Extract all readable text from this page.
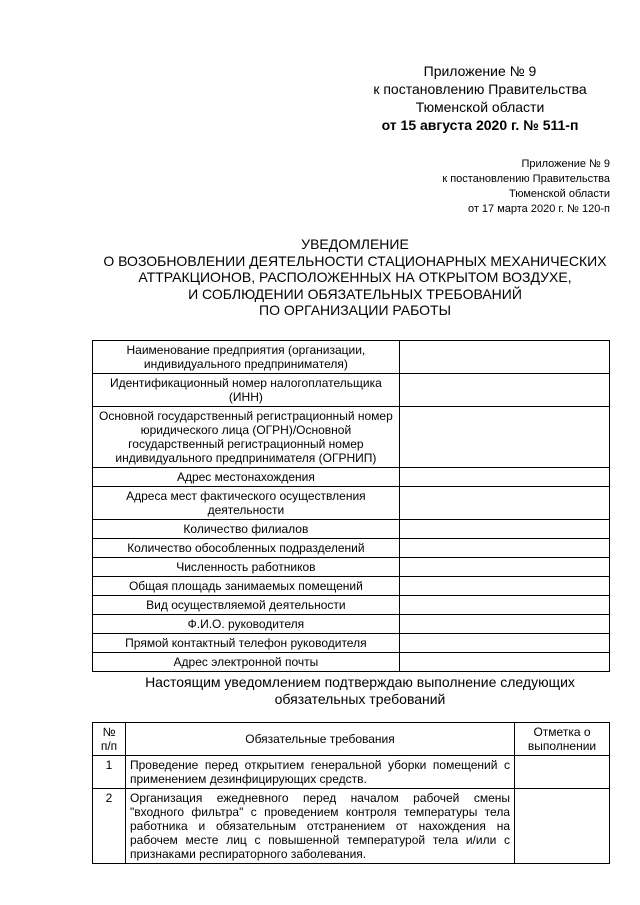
Приложение № 9
к постановлению Правительства
Тюменской области
от 15 августа 2020 г. № 511-п
Приложение № 9
к постановлению Правительства
Тюменской области
от 17 марта 2020 г. № 120-п
УВЕДОМЛЕНИЕ
О ВОЗОБНОВЛЕНИИ ДЕЯТЕЛЬНОСТИ СТАЦИОНАРНЫХ МЕХАНИЧЕСКИХ
АТТРАКЦИОНОВ, РАСПОЛОЖЕННЫХ НА ОТКРЫТОМ ВОЗДУХЕ,
И СОБЛЮДЕНИИ ОБЯЗАТЕЛЬНЫХ ТРЕБОВАНИЙ
ПО ОРГАНИЗАЦИИ РАБОТЫ
Наименование предприятия (организации, индивидуального предпринимателя)	
Идентификационный номер налогоплательщика (ИНН)	
Основной государственный регистрационный номер юридического лица (ОГРН)/Основной государственный регистрационный номер индивидуального предпринимателя (ОГРНИП)	
Адрес местонахождения	
Адреса мест фактического осуществления деятельности	
Количество филиалов	
Количество обособленных подразделений	
Численность работников	
Общая площадь занимаемых помещений	
Вид осуществляемой деятельности	
Ф.И.О. руководителя	
Прямой контактный телефон руководителя	
Адрес электронной почты	
Настоящим уведомлением подтверждаю выполнение следующих
обязательных требований
№ п/п	Обязательные требования	Отметка о выполнении
1	Проведение перед открытием генеральной уборки помещений с применением дезинфицирующих средств.	
2	Организация ежедневного перед началом рабочей смены "входного фильтра" с проведением контроля температуры тела работника и обязательным отстранением от нахождения на рабочем месте лиц с повышенной температурой тела и/или с признаками респираторного заболевания.	
